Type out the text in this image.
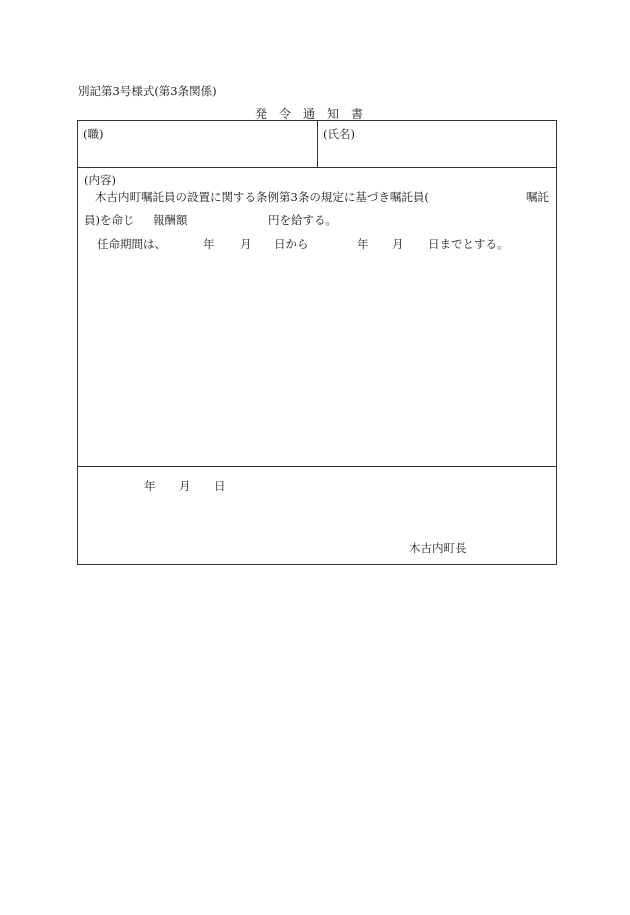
別記第3号様式(第3条関係)
発令通知書
(職)	(氏名)
(内容)
木古内町嘱託員の設置に関する条例第3条の規定に基づき嘱託員(	嘱託
員)を命じ 報酬額	円を給する。
任命期間は、	年 月 日から	年 月 日までとする。
年 月 日
木古内町長
